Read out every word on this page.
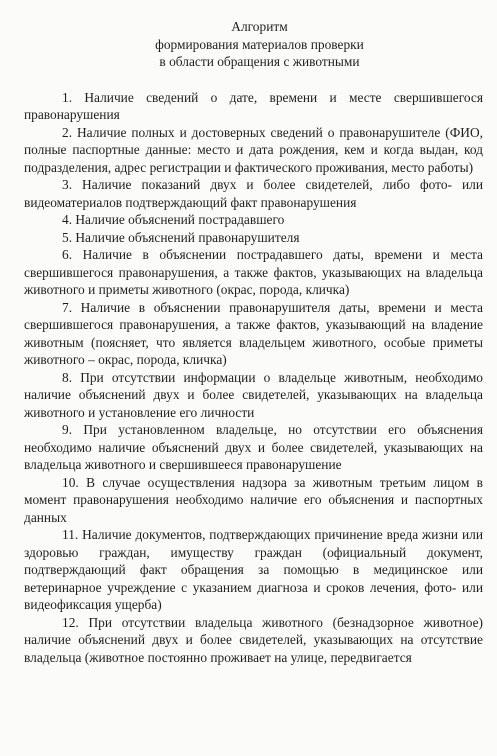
Алгоритм
формирования материалов проверки
в области обращения с животными

1. Наличие сведений о дате, времени и месте свершившегося правонарушения

2. Наличие полных и достоверных сведений о правонарушителе (ФИО, полные паспортные данные: место и дата рождения, кем и когда выдан, код подразделения, адрес регистрации и фактического проживания, место работы)

3. Наличие показаний двух и более свидетелей, либо фото- или видеоматериалов подтверждающий факт правонарушения

4. Наличие объяснений пострадавшего

5. Наличие объяснений правонарушителя

6. Наличие в объяснении пострадавшего даты, времени и места свершившегося правонарушения, а также фактов, указывающих на владельца животного и приметы животного (окрас, порода, кличка)

7. Наличие в объяснении правонарушителя даты, времени и места свершившегося правонарушения, а также фактов, указывающий на владение животным (поясняет, что является владельцем животного, особые приметы животного – окрас, порода, кличка)

8. При отсутствии информации о владельце животным, необходимо наличие объяснений двух и более свидетелей, указывающих на владельца животного и установление его личности

9. При установленном владельце, но отсутствии его объяснения необходимо наличие объяснений двух и более свидетелей, указывающих на владельца животного и свершившееся правонарушение

10. В случае осуществления надзора за животным третьим лицом в момент правонарушения необходимо наличие его объяснения и паспортных данных

11. Наличие документов, подтверждающих причинение вреда жизни или здоровью граждан, имуществу граждан (официальный документ, подтверждающий факт обращения за помощью в медицинское или ветеринарное учреждение с указанием диагноза и сроков лечения, фото- или видеофиксация ущерба)

12. При отсутствии владельца животного (безнадзорное животное) наличие объяснений двух и более свидетелей, указывающих на отсутствие владельца (животное постоянно проживает на улице, передвигается
